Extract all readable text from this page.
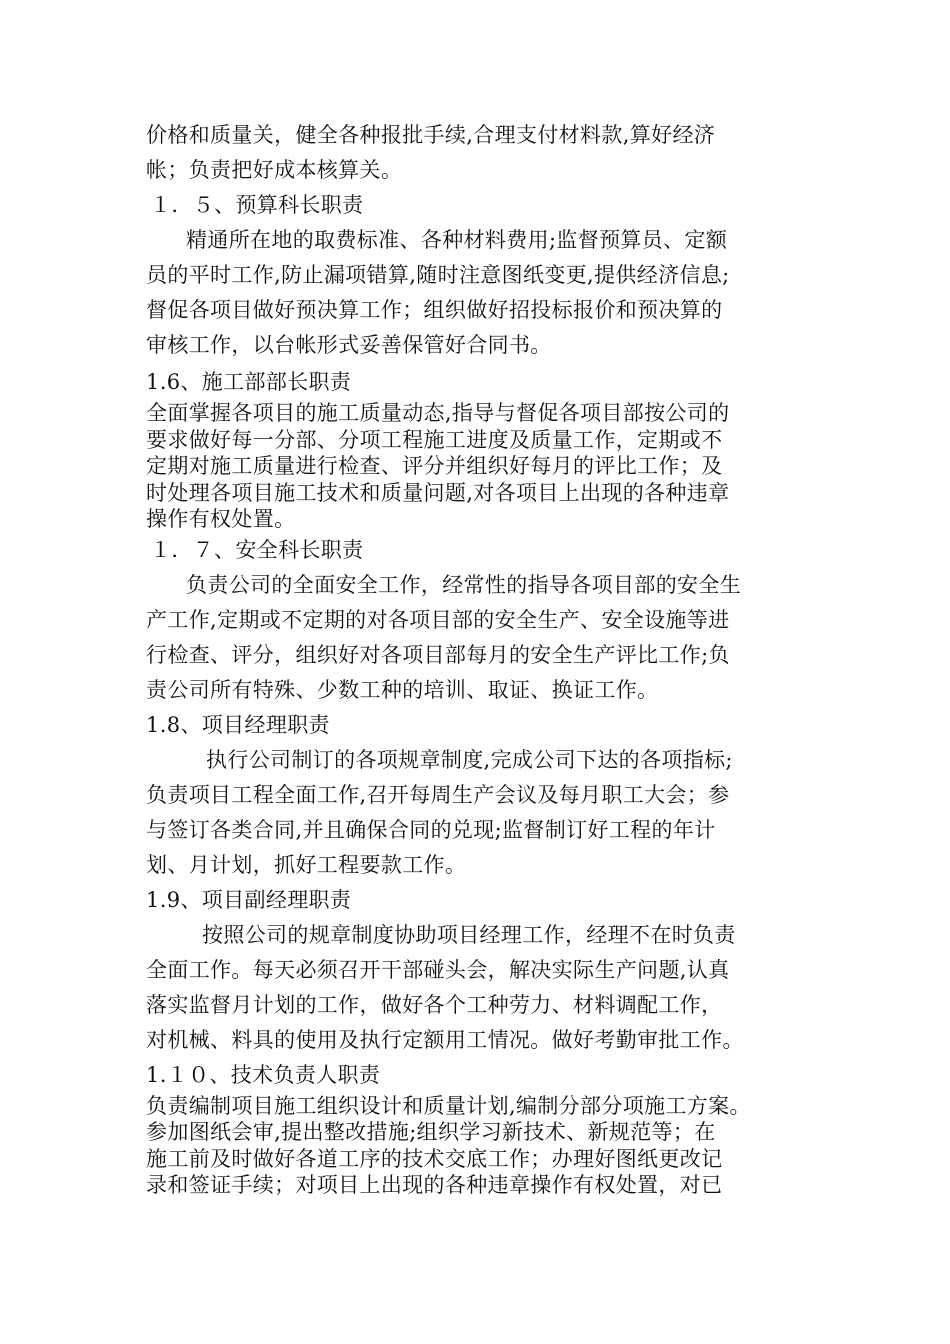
价格和质量关，健全各种报批手续,合理支付材料款,算好经济
帐；负责把好成本核算关。
１．５、预算科长职责
精通所在地的取费标准、各种材料费用;监督预算员、定额
员的平时工作,防止漏项错算,随时注意图纸变更,提供经济信息;
督促各项目做好预决算工作；组织做好招投标报价和预决算的
审核工作，以台帐形式妥善保管好合同书。
1.6、施工部部长职责
全面掌握各项目的施工质量动态,指导与督促各项目部按公司的
要求做好每一分部、分项工程施工进度及质量工作，定期或不
定期对施工质量进行检查、评分并组织好每月的评比工作；及
时处理各项目施工技术和质量问题,对各项目上出现的各种违章
操作有权处置。
１．７、安全科长职责
负责公司的全面安全工作，经常性的指导各项目部的安全生
产工作,定期或不定期的对各项目部的安全生产、安全设施等进
行检查、评分，组织好对各项目部每月的安全生产评比工作;负
责公司所有特殊、少数工种的培训、取证、换证工作。
1.8、项目经理职责
执行公司制订的各项规章制度,完成公司下达的各项指标;
负责项目工程全面工作,召开每周生产会议及每月职工大会；参
与签订各类合同,并且确保合同的兑现;监督制订好工程的年计
划、月计划，抓好工程要款工作。
1.9、项目副经理职责
按照公司的规章制度协助项目经理工作，经理不在时负责
全面工作。每天必须召开干部碰头会，解决实际生产问题,认真
落实监督月计划的工作，做好各个工种劳力、材料调配工作，
对机械、料具的使用及执行定额用工情况。做好考勤审批工作。
1.１０、技术负责人职责
负责编制项目施工组织设计和质量计划,编制分部分项施工方案。
参加图纸会审,提出整改措施;组织学习新技术、新规范等；在
施工前及时做好各道工序的技术交底工作；办理好图纸更改记
录和签证手续；对项目上出现的各种违章操作有权处置，对已
